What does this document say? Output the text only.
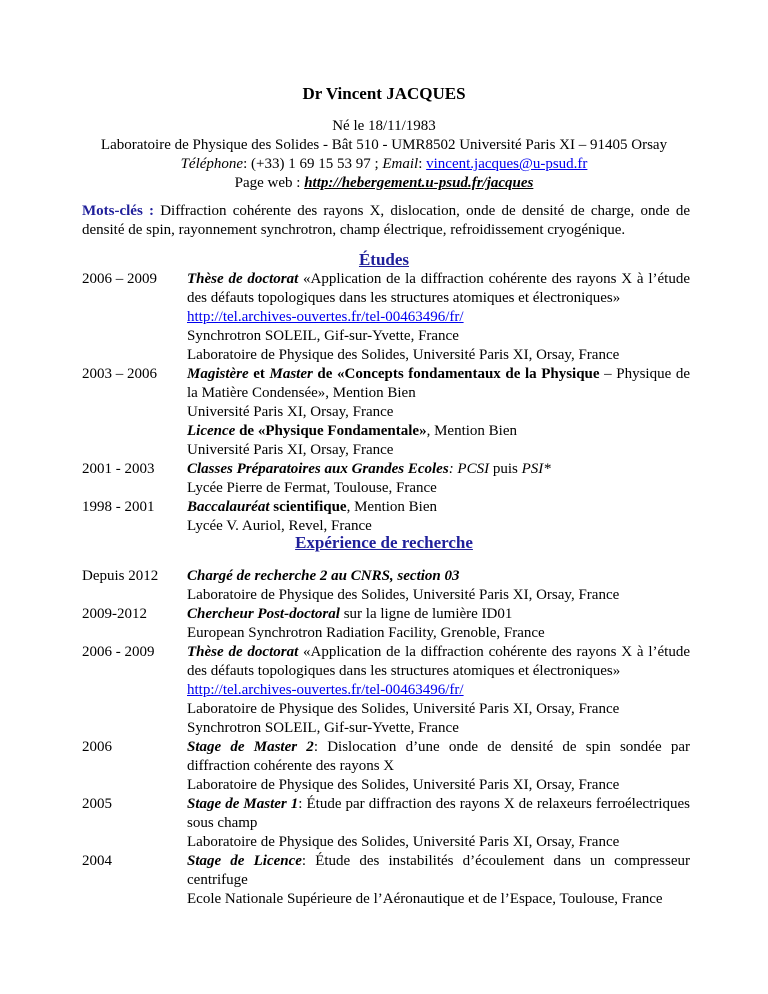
Dr Vincent JACQUES
Né le 18/11/1983
Laboratoire de Physique des Solides - Bât 510 - UMR8502 Université Paris XI – 91405 Orsay
Téléphone: (+33) 1 69 15 53 97 ; Email: vincent.jacques@u-psud.fr
Page web : http://hebergement.u-psud.fr/jacques
Mots-clés : Diffraction cohérente des rayons X, dislocation, onde de densité de charge, onde de densité de spin, rayonnement synchrotron, champ électrique, refroidissement cryogénique.
Études
2006 – 2009	Thèse de doctorat «Application de la diffraction cohérente des rayons X à l’étude des défauts topologiques dans les structures atomiques et électroniques»
http://tel.archives-ouvertes.fr/tel-00463496/fr/
Synchrotron SOLEIL, Gif-sur-Yvette, France
Laboratoire de Physique des Solides, Université Paris XI, Orsay, France
2003 – 2006	Magistère et Master de «Concepts fondamentaux de la Physique – Physique de la Matière Condensée», Mention Bien
Université Paris XI, Orsay, France
Licence de «Physique Fondamentale», Mention Bien
Université Paris XI, Orsay, France
2001 - 2003	Classes Préparatoires aux Grandes Ecoles: PCSI puis PSI*
Lycée Pierre de Fermat, Toulouse, France
1998 - 2001	Baccalauréat scientifique, Mention Bien
Lycée V. Auriol, Revel, France
Expérience de recherche
Depuis 2012	Chargé de recherche 2 au CNRS, section 03
Laboratoire de Physique des Solides, Université Paris XI, Orsay, France
2009-2012	Chercheur Post-doctoral sur la ligne de lumière ID01
European Synchrotron Radiation Facility, Grenoble, France
2006 - 2009	Thèse de doctorat «Application de la diffraction cohérente des rayons X à l’étude des défauts topologiques dans les structures atomiques et électroniques»
http://tel.archives-ouvertes.fr/tel-00463496/fr/
Laboratoire de Physique des Solides, Université Paris XI, Orsay, France
Synchrotron SOLEIL, Gif-sur-Yvette, France
2006	Stage de Master 2: Dislocation d’une onde de densité de spin sondée par diffraction cohérente des rayons X
Laboratoire de Physique des Solides, Université Paris XI, Orsay, France
2005	Stage de Master 1: Étude par diffraction des rayons X de relaxeurs ferroélectriques sous champ
Laboratoire de Physique des Solides, Université Paris XI, Orsay, France
2004	Stage de Licence: Étude des instabilités d’écoulement dans un compresseur centrifuge
Ecole Nationale Supérieure de l’Aéronautique et de l’Espace, Toulouse, France
